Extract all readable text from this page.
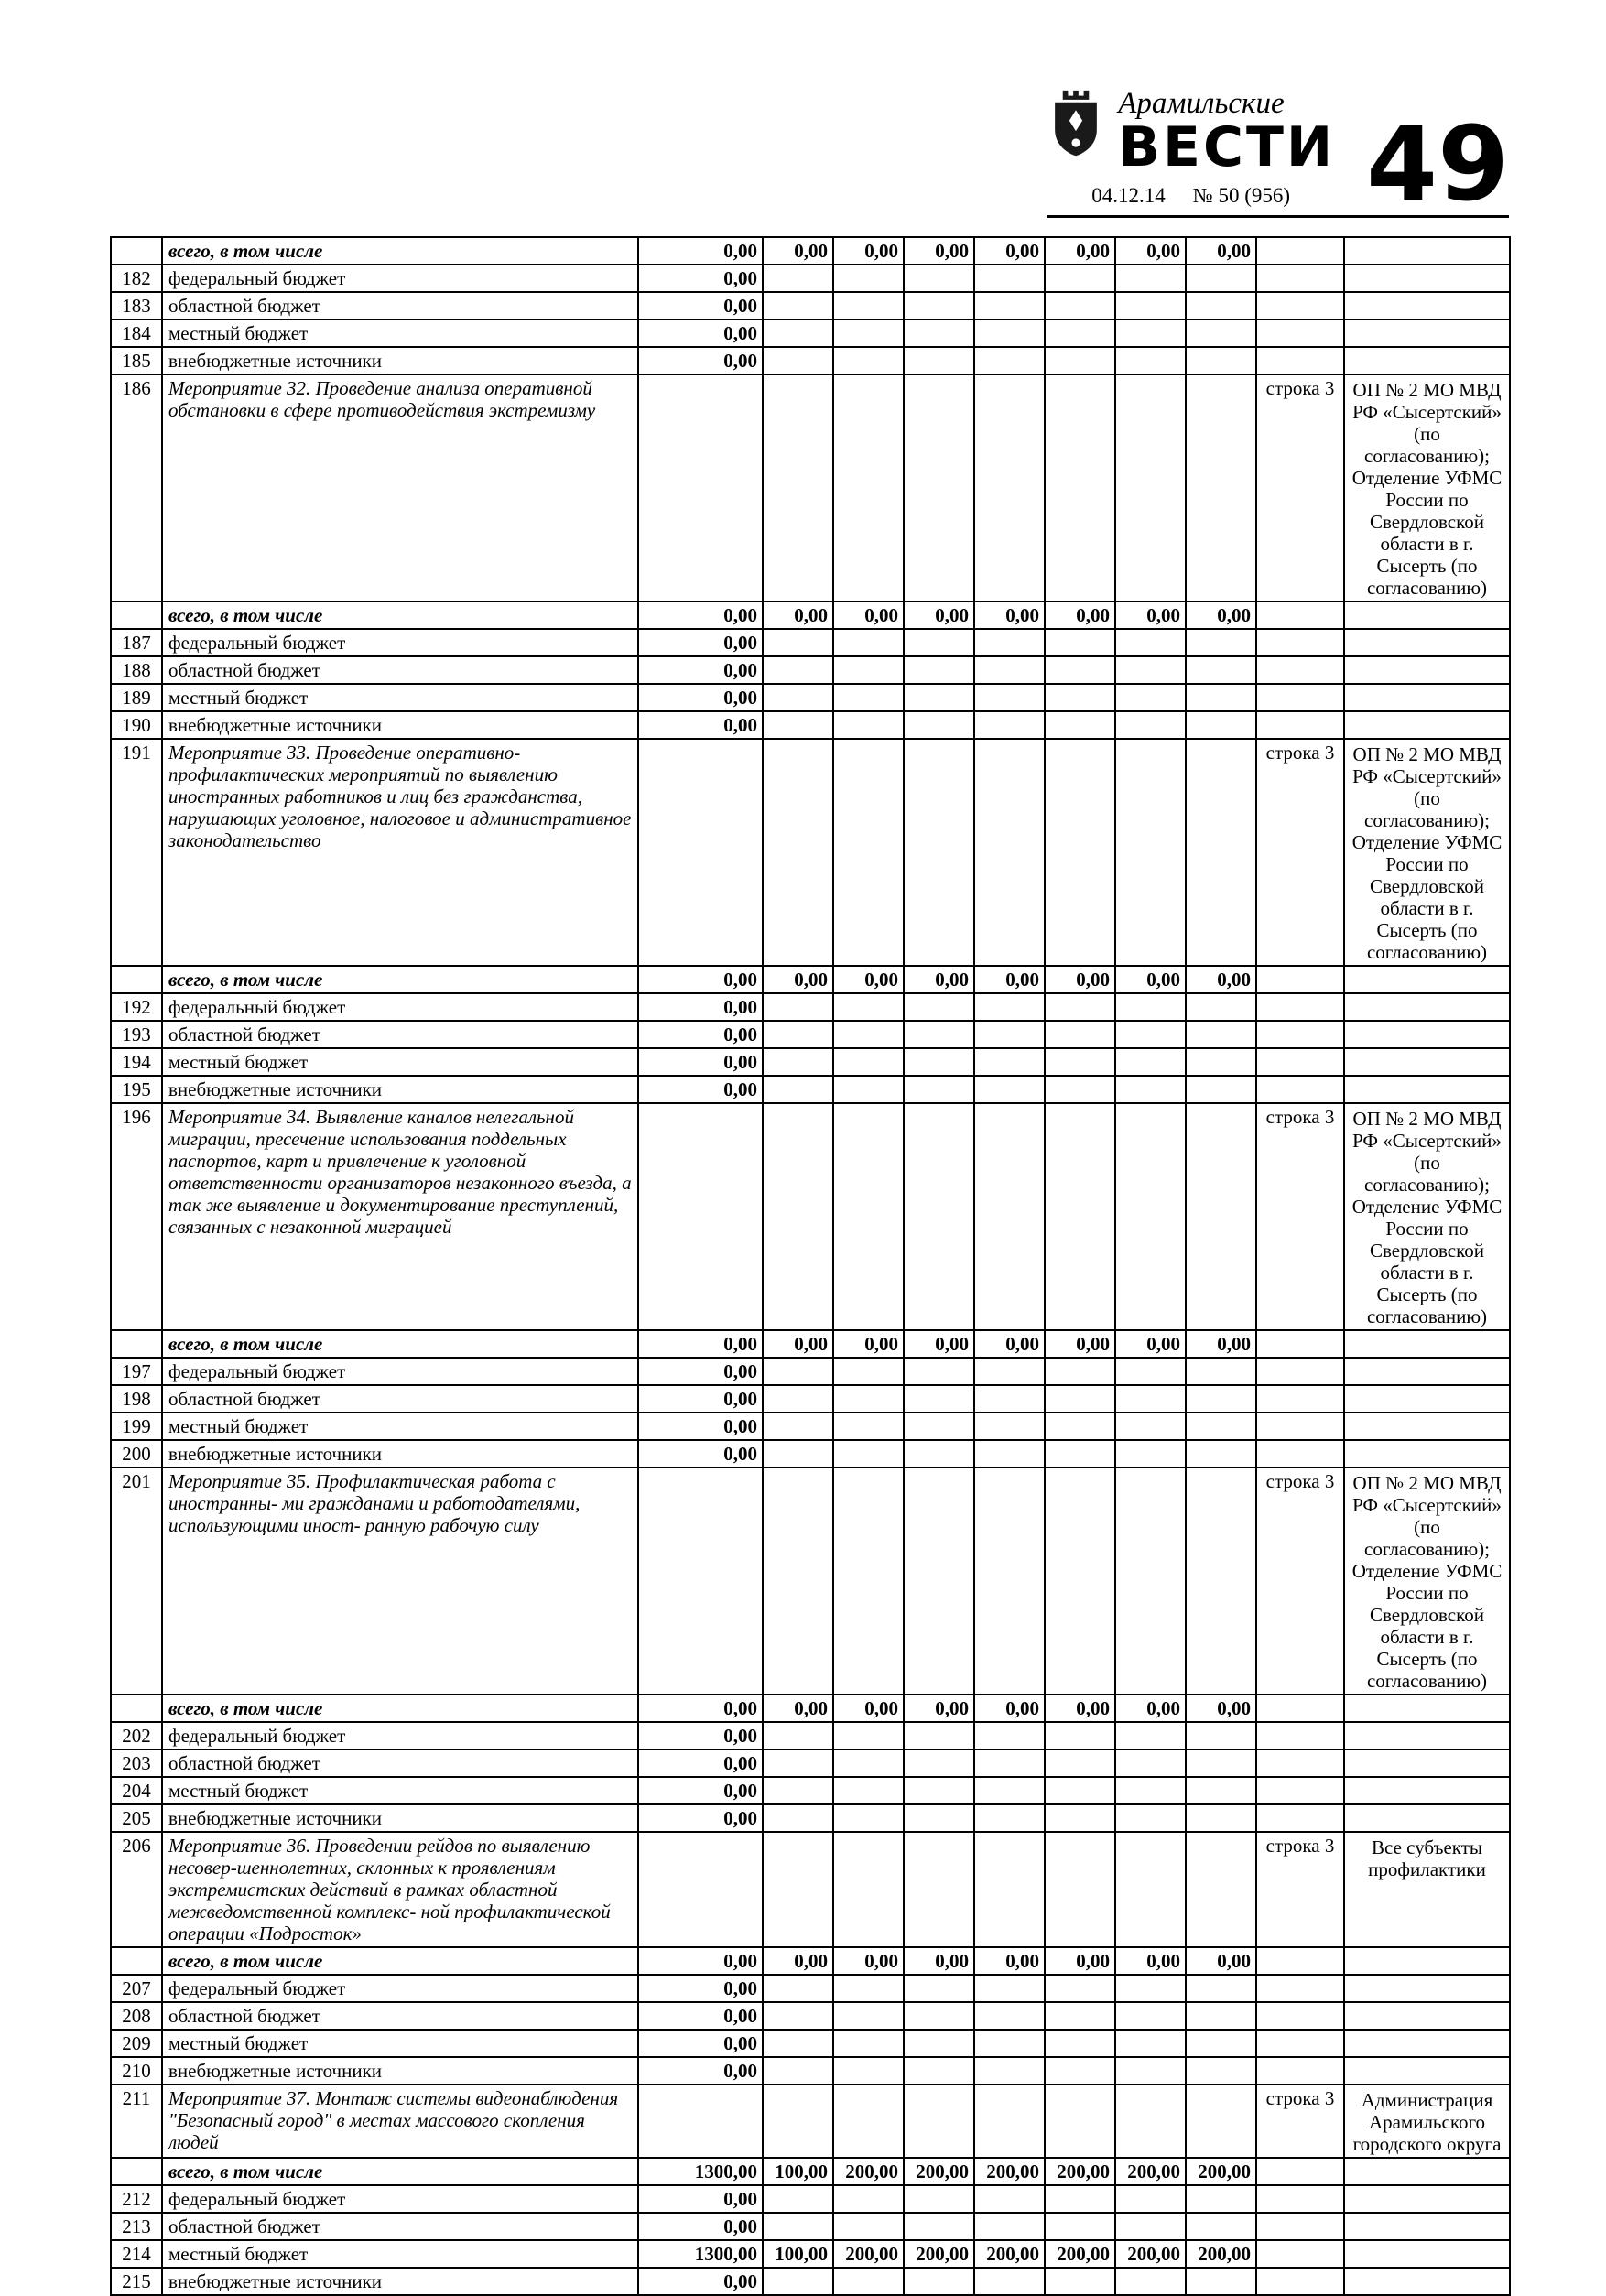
Арамильские
ВЕСТИ
04.12.14 № 50 (956) 49
	всего, в том числе	0,00	0,00	0,00	0,00	0,00	0,00	0,00	0,00		
182	федеральный бюджет	0,00									
183	областной бюджет	0,00									
184	местный бюджет	0,00									
185	внебюджетные источники	0,00									
186	Мероприятие 32. Проведение анализа оперативной обстановки в сфере противодействия экстремизму									строка 3	ОП № 2 МО МВД РФ «Сысертский» (по согласованию); Отделение УФМС России по Свердловской области в г. Сысерть (по согласованию)
	всего, в том числе	0,00	0,00	0,00	0,00	0,00	0,00	0,00	0,00		
187	федеральный бюджет	0,00									
188	областной бюджет	0,00									
189	местный бюджет	0,00									
190	внебюджетные источники	0,00									
191	Мероприятие 33. Проведение оперативно-профилактических мероприятий по выявлению иностранных работников и лиц без гражданства, нарушающих уголовное, налоговое и административное законодательство									строка 3	ОП № 2 МО МВД РФ «Сысертский» (по согласованию); Отделение УФМС России по Свердловской области в г. Сысерть (по согласованию)
	всего, в том числе	0,00	0,00	0,00	0,00	0,00	0,00	0,00	0,00		
192	федеральный бюджет	0,00									
193	областной бюджет	0,00									
194	местный бюджет	0,00									
195	внебюджетные источники	0,00									
196	Мероприятие 34. Выявление каналов нелегальной миграции, пресечение использования поддельных паспортов, карт и привлечение к уголовной ответственности организаторов незаконного въезда, а так же выявление и документирование преступлений, связанных с незаконной миграцией									строка 3	ОП № 2 МО МВД РФ «Сысертский» (по согласованию); Отделение УФМС России по Свердловской области в г. Сысерть (по согласованию)
	всего, в том числе	0,00	0,00	0,00	0,00	0,00	0,00	0,00	0,00		
197	федеральный бюджет	0,00									
198	областной бюджет	0,00									
199	местный бюджет	0,00									
200	внебюджетные источники	0,00									
201	Мероприятие 35. Профилактическая работа с иностранны- ми гражданами и работодателями, использующими иност- ранную рабочую силу									строка 3	ОП № 2 МО МВД РФ «Сысертский» (по согласованию); Отделение УФМС России по Свердловской области в г. Сысерть (по согласованию)
	всего, в том числе	0,00	0,00	0,00	0,00	0,00	0,00	0,00	0,00		
202	федеральный бюджет	0,00									
203	областной бюджет	0,00									
204	местный бюджет	0,00									
205	внебюджетные источники	0,00									
206	Мероприятие 36. Проведении рейдов по выявлению несовер-шеннолетних, склонных к проявлениям экстремистских действий в рамках областной межведомственной комплекс- ной профилактической операции «Подросток»									строка 3	Все субъекты профилактики
	всего, в том числе	0,00	0,00	0,00	0,00	0,00	0,00	0,00	0,00		
207	федеральный бюджет	0,00									
208	областной бюджет	0,00									
209	местный бюджет	0,00									
210	внебюджетные источники	0,00									
211	Мероприятие 37. Монтаж системы видеонаблюдения "Безопасный город" в местах массового скопления людей									строка 3	Администрация Арамильского городского округа
	всего, в том числе	1300,00	100,00	200,00	200,00	200,00	200,00	200,00	200,00		
212	федеральный бюджет	0,00									
213	областной бюджет	0,00									
214	местный бюджет	1300,00	100,00	200,00	200,00	200,00	200,00	200,00	200,00		
215	внебюджетные источники	0,00									
